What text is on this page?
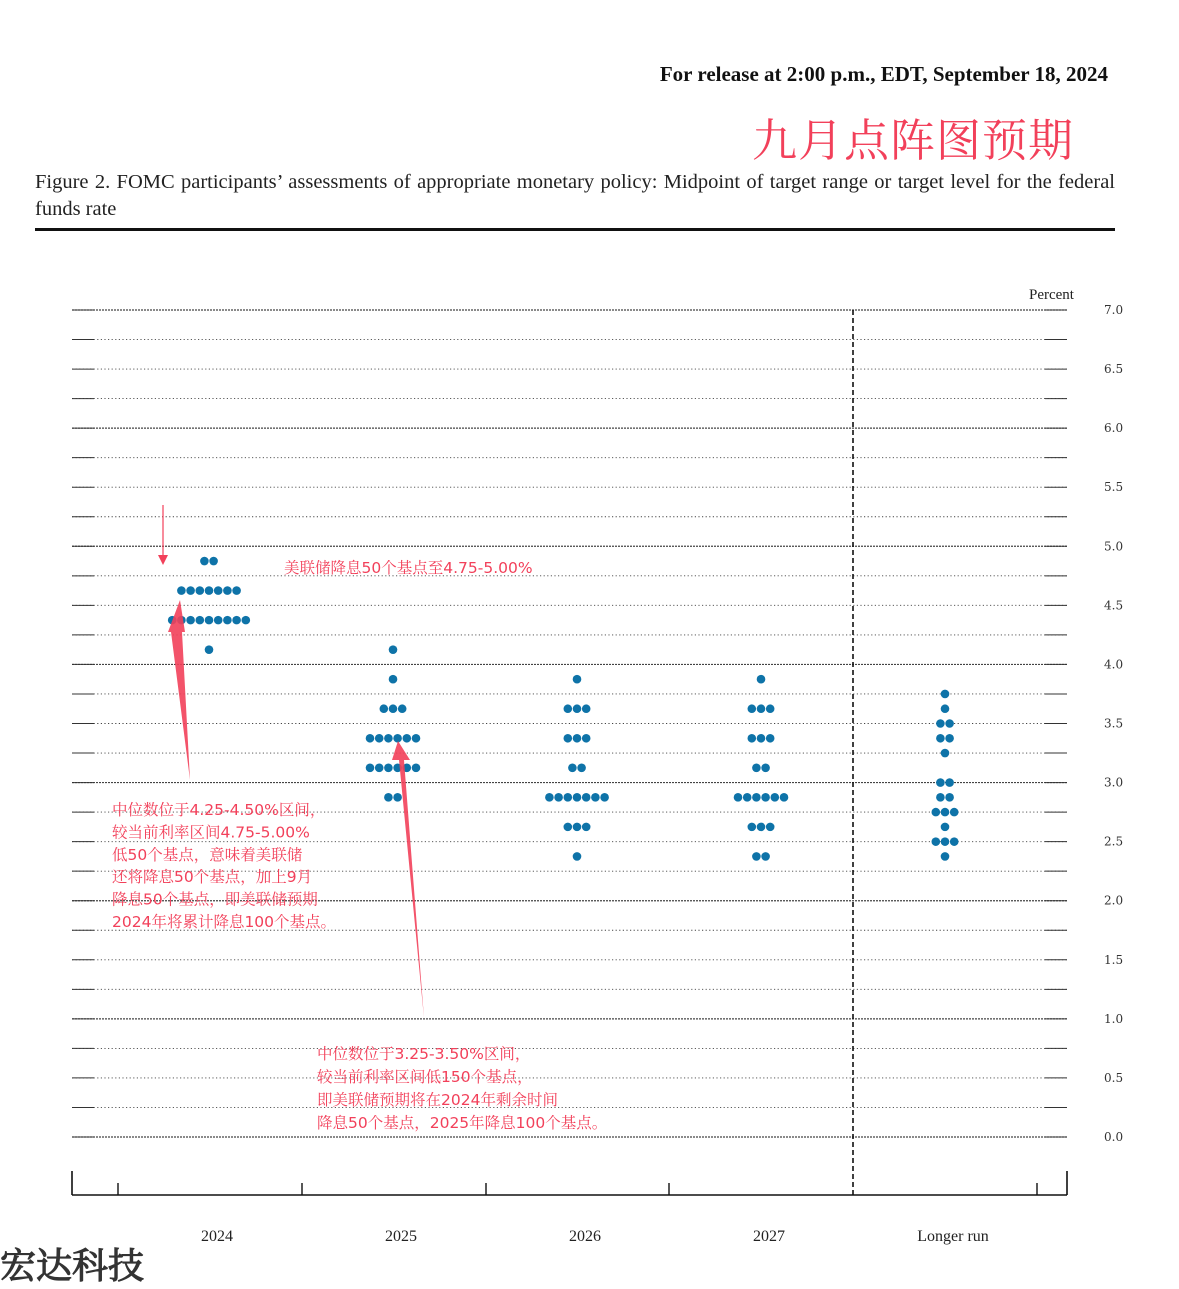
For release at 2:00 p.m., EDT, September 18, 2024
九月点阵图预期
Figure 2. FOMC participants’ assessments of appropriate monetary policy: Midpoint of target range or target level for the federal funds rate
0.0
0.5
1.0
1.5
2.0
2.5
3.0
3.5
4.0
4.5
5.0
5.5
6.0
6.5
7.0
Percent
2024	2025	2026	2027	Longer run
美联储降息50个基点至4.75-5.00%
中位数位于4.25-4.50%区间，
较当前利率区间4.75-5.00%
低50个基点，意味着美联储
还将降息50个基点，加上9月
降息50个基点，即美联储预期
2024年将累计降息100个基点。
中位数位于3.25-3.50%区间，
较当前利率区间低150个基点，
即美联储预期将在2024年剩余时间
降息50个基点，2025年降息100个基点。
宏达科技
